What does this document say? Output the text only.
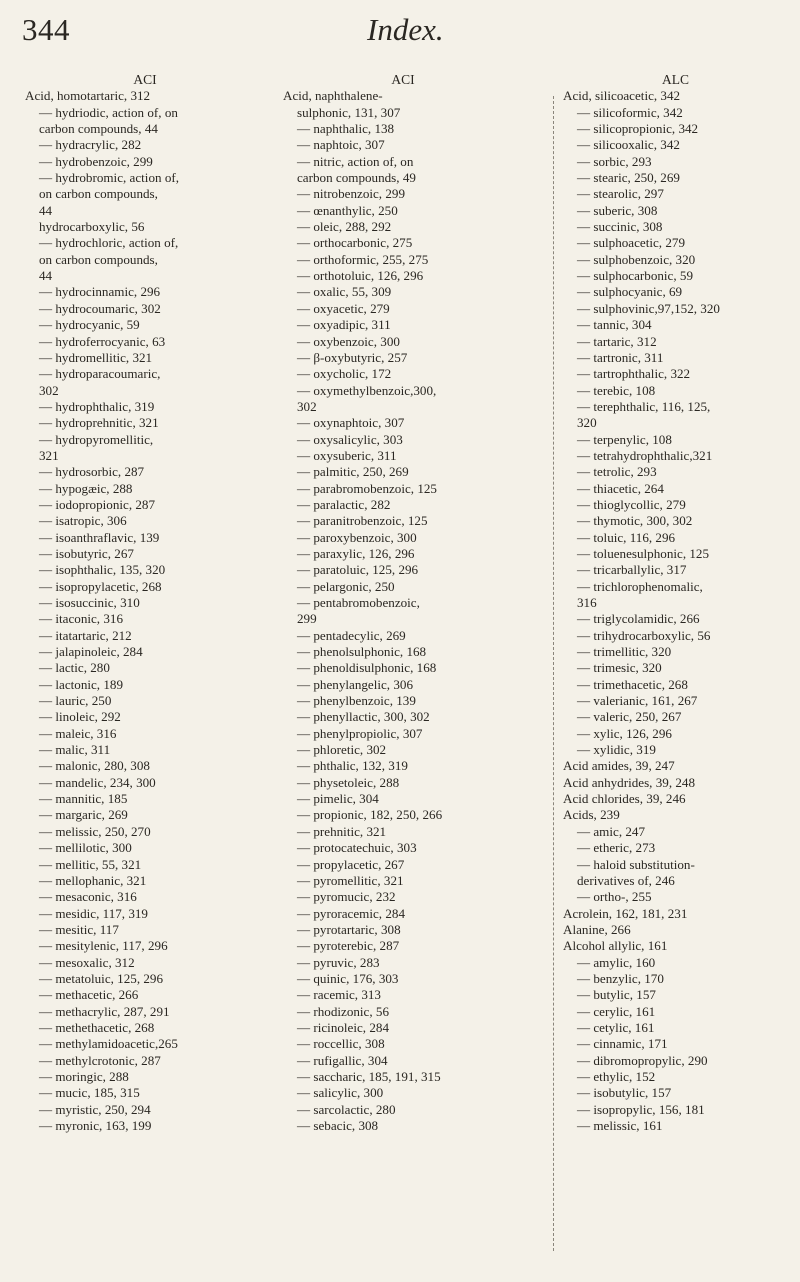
344	Index.
ACI
Acid, homotartaric, 312
— hydriodic, action of, on
carbon compounds, 44
— hydracrylic, 282
— hydrobenzoic, 299
— hydrobromic, action of,
on carbon compounds,
44
hydrocarboxylic, 56
— hydrochloric, action of,
on carbon compounds,
44
— hydrocinnamic, 296
— hydrocoumaric, 302
— hydrocyanic, 59
— hydroferrocyanic, 63
— hydromellitic, 321
— hydroparacoumaric,
302
— hydrophthalic, 319
— hydroprehnitic, 321
— hydropyromellitic,
321
— hydrosorbic, 287
— hypogæic, 288
— iodopropionic, 287
— isatropic, 306
— isoanthraflavic, 139
— isobutyric, 267
— isophthalic, 135, 320
— isopropylacetic, 268
— isosuccinic, 310
— itaconic, 316
— itatartaric, 212
— jalapinoleic, 284
— lactic, 280
— lactonic, 189
— lauric, 250
— linoleic, 292
— maleic, 316
— malic, 311
— malonic, 280, 308
— mandelic, 234, 300
— mannitic, 185
— margaric, 269
— melissic, 250, 270
— mellilotic, 300
— mellitic, 55, 321
— mellophanic, 321
— mesaconic, 316
— mesidic, 117, 319
— mesitic, 117
— mesitylenic, 117, 296
— mesoxalic, 312
— metatoluic, 125, 296
— methacetic, 266
— methacrylic, 287, 291
— methethacetic, 268
— methylamidoacetic,265
— methylcrotonic, 287
— moringic, 288
— mucic, 185, 315
— myristic, 250, 294
— myronic, 163, 199
ACI
Acid, naphthalene-
sulphonic, 131, 307
— naphthalic, 138
— naphtoic, 307
— nitric, action of, on
carbon compounds, 49
— nitrobenzoic, 299
— œnanthylic, 250
— oleic, 288, 292
— orthocarbonic, 275
— orthoformic, 255, 275
— orthotoluic, 126, 296
— oxalic, 55, 309
— oxyacetic, 279
— oxyadipic, 311
— oxybenzoic, 300
— β-oxybutyric, 257
— oxycholic, 172
— oxymethylbenzoic,300,
302
— oxynaphtoic, 307
— oxysalicylic, 303
— oxysuberic, 311
— palmitic, 250, 269
— parabromobenzoic, 125
— paralactic, 282
— paranitrobenzoic, 125
— paroxybenzoic, 300
— paraxylic, 126, 296
— paratoluic, 125, 296
— pelargonic, 250
— pentabromobenzoic,
299
— pentadecylic, 269
— phenolsulphonic, 168
— phenoldisulphonic, 168
— phenylangelic, 306
— phenylbenzoic, 139
— phenyllactic, 300, 302
— phenylpropiolic, 307
— phloretic, 302
— phthalic, 132, 319
— physetoleic, 288
— pimelic, 304
— propionic, 182, 250, 266
— prehnitic, 321
— protocatechuic, 303
— propylacetic, 267
— pyromellitic, 321
— pyromucic, 232
— pyroracemic, 284
— pyrotartaric, 308
— pyroterebic, 287
— pyruvic, 283
— quinic, 176, 303
— racemic, 313
— rhodizonic, 56
— ricinoleic, 284
— roccellic, 308
— rufigallic, 304
— saccharic, 185, 191, 315
— salicylic, 300
— sarcolactic, 280
— sebacic, 308
ALC
Acid, silicoacetic, 342
— silicoformic, 342
— silicopropionic, 342
— silicooxalic, 342
— sorbic, 293
— stearic, 250, 269
— stearolic, 297
— suberic, 308
— succinic, 308
— sulphoacetic, 279
— sulphobenzoic, 320
— sulphocarbonic, 59
— sulphocyanic, 69
— sulphovinic,97,152, 320
— tannic, 304
— tartaric, 312
— tartronic, 311
— tartrophthalic, 322
— terebic, 108
— terephthalic, 116, 125,
320
— terpenylic, 108
— tetrahydrophthalic,321
— tetrolic, 293
— thiacetic, 264
— thioglycollic, 279
— thymotic, 300, 302
— toluic, 116, 296
— toluenesulphonic, 125
— tricarballylic, 317
— trichlorophenomalic,
316
— triglycolamidic, 266
— trihydrocarboxylic, 56
— trimellitic, 320
— trimesic, 320
— trimethacetic, 268
— valerianic, 161, 267
— valeric, 250, 267
— xylic, 126, 296
— xylidic, 319
Acid amides, 39, 247
Acid anhydrides, 39, 248
Acid chlorides, 39, 246
Acids, 239
— amic, 247
— etheric, 273
— haloid substitution-
derivatives of, 246
— ortho-, 255
Acrolein, 162, 181, 231
Alanine, 266
Alcohol allylic, 161
— amylic, 160
— benzylic, 170
— butylic, 157
— cerylic, 161
— cetylic, 161
— cinnamic, 171
— dibromopropylic, 290
— ethylic, 152
— isobutylic, 157
— isopropylic, 156, 181
— melissic, 161
